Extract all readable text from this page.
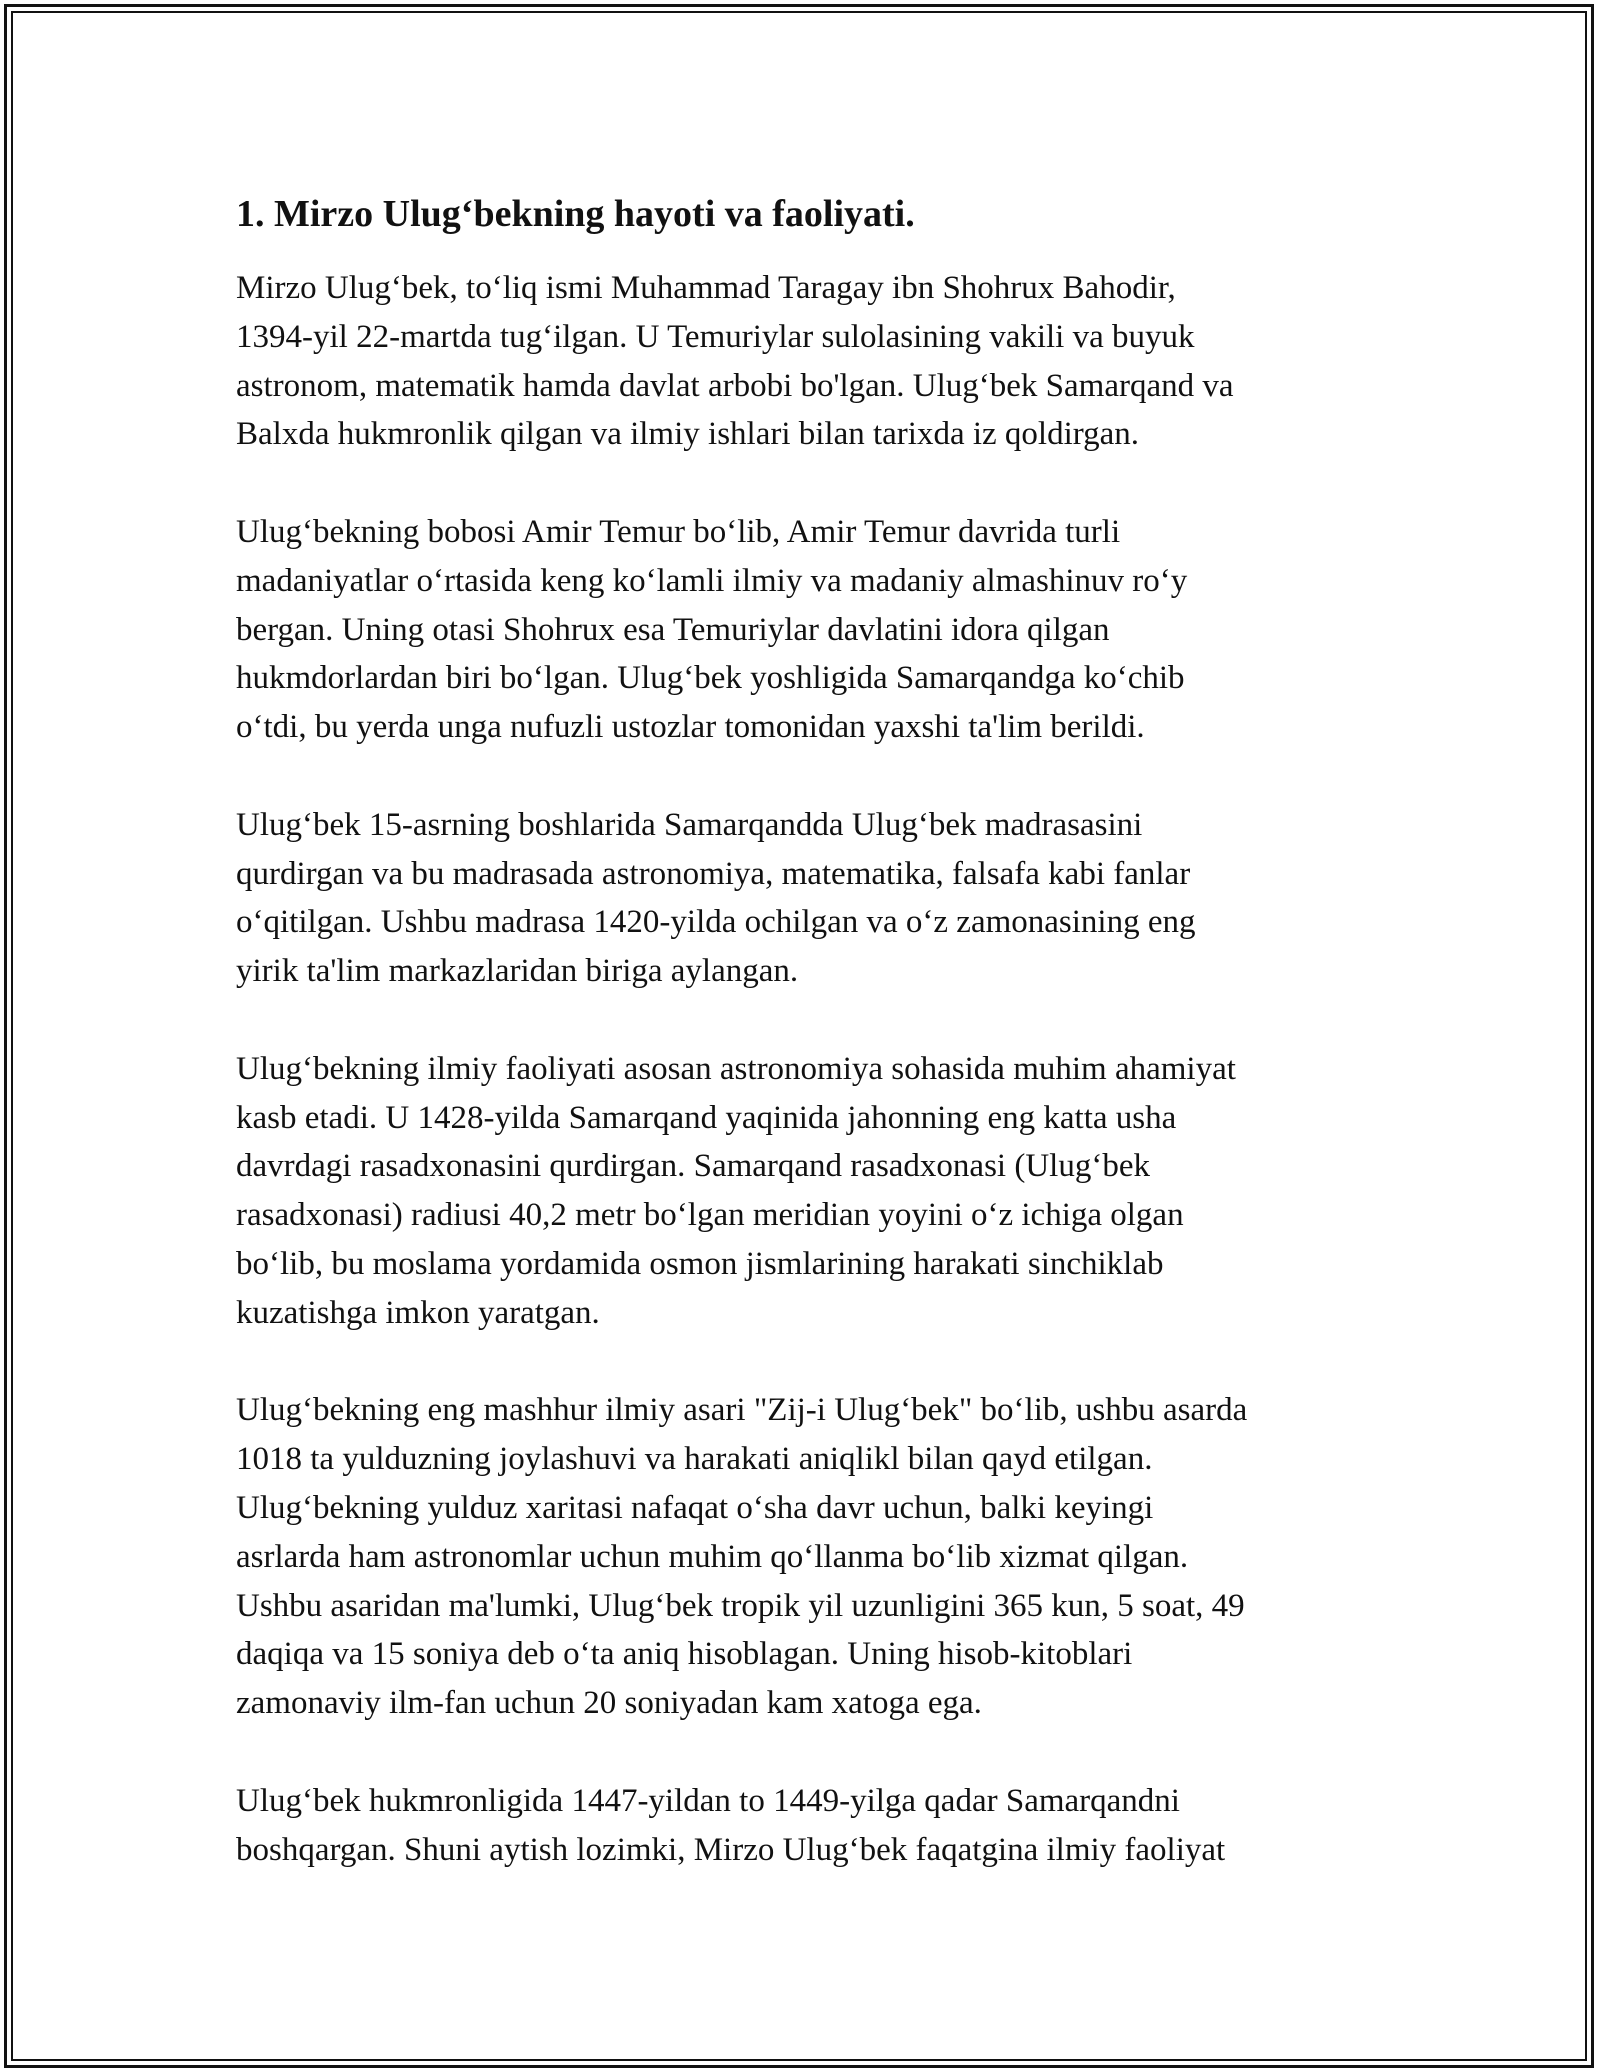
1. Mirzo Ulug‘bekning hayoti va faoliyati.

Mirzo Ulug‘bek, to‘liq ismi Muhammad Taragay ibn Shohrux Bahodir,
1394-yil 22-martda tug‘ilgan. U Temuriylar sulolasining vakili va buyuk
astronom, matematik hamda davlat arbobi bo'lgan. Ulug‘bek Samarqand va
Balxda hukmronlik qilgan va ilmiy ishlari bilan tarixda iz qoldirgan.

Ulug‘bekning bobosi Amir Temur bo‘lib, Amir Temur davrida turli
madaniyatlar o‘rtasida keng ko‘lamli ilmiy va madaniy almashinuv ro‘y
bergan. Uning otasi Shohrux esa Temuriylar davlatini idora qilgan
hukmdorlardan biri bo‘lgan. Ulug‘bek yoshligida Samarqandga ko‘chib
o‘tdi, bu yerda unga nufuzli ustozlar tomonidan yaxshi ta'lim berildi.

Ulug‘bek 15-asrning boshlarida Samarqandda Ulug‘bek madrasasini
qurdirgan va bu madrasada astronomiya, matematika, falsafa kabi fanlar
o‘qitilgan. Ushbu madrasa 1420-yilda ochilgan va o‘z zamonasining eng
yirik ta'lim markazlaridan biriga aylangan.

Ulug‘bekning ilmiy faoliyati asosan astronomiya sohasida muhim ahamiyat
kasb etadi. U 1428-yilda Samarqand yaqinida jahonning eng katta usha
davrdagi rasadxonasini qurdirgan. Samarqand rasadxonasi (Ulug‘bek
rasadxonasi) radiusi 40,2 metr bo‘lgan meridian yoyini o‘z ichiga olgan
bo‘lib, bu moslama yordamida osmon jismlarining harakati sinchiklab
kuzatishga imkon yaratgan.

Ulug‘bekning eng mashhur ilmiy asari "Zij-i Ulug‘bek" bo‘lib, ushbu asarda
1018 ta yulduzning joylashuvi va harakati aniqlikl bilan qayd etilgan.
Ulug‘bekning yulduz xaritasi nafaqat o‘sha davr uchun, balki keyingi
asrlarda ham astronomlar uchun muhim qo‘llanma bo‘lib xizmat qilgan.
Ushbu asaridan ma'lumki, Ulug‘bek tropik yil uzunligini 365 kun, 5 soat, 49
daqiqa va 15 soniya deb o‘ta aniq hisoblagan. Uning hisob-kitoblari
zamonaviy ilm-fan uchun 20 soniyadan kam xatoga ega.

Ulug‘bek hukmronligida 1447-yildan to 1449-yilga qadar Samarqandni
boshqargan. Shuni aytish lozimki, Mirzo Ulug‘bek faqatgina ilmiy faoliyat
